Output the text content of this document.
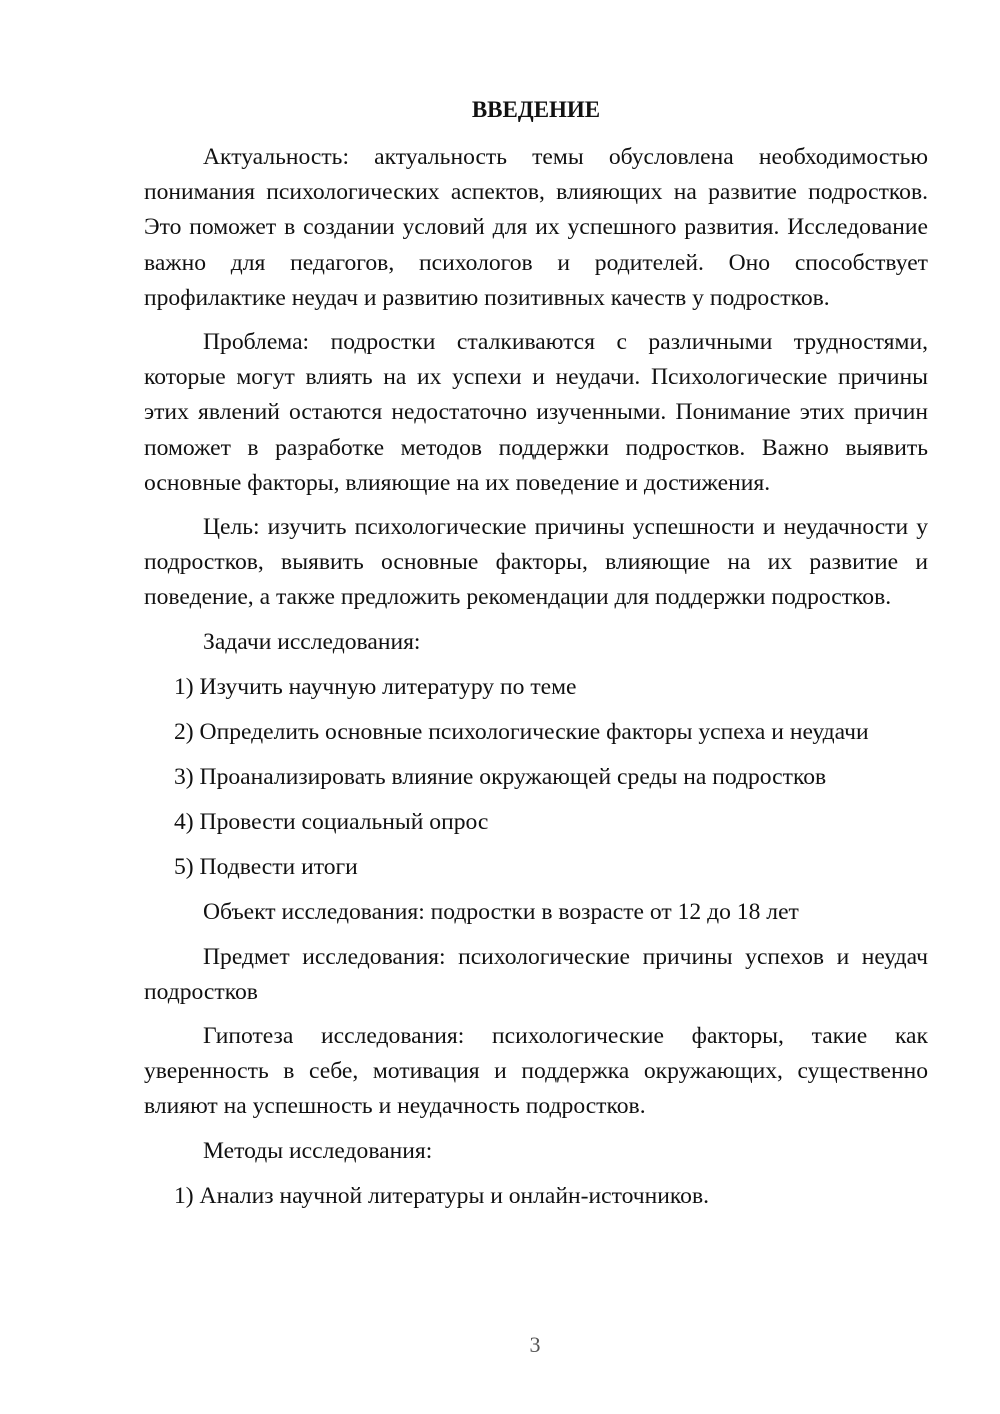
ВВЕДЕНИЕ

Актуальность: актуальность темы обусловлена необходимостью понимания психологических аспектов, влияющих на развитие подростков. Это поможет в создании условий для их успешного развития. Исследование важно для педагогов, психологов и родителей. Оно способствует профилактике неудач и развитию позитивных качеств у подростков.

Проблема: подростки сталкиваются с различными трудностями, которые могут влиять на их успехи и неудачи. Психологические причины этих явлений остаются недостаточно изученными. Понимание этих причин поможет в разработке методов поддержки подростков. Важно выявить основные факторы, влияющие на их поведение и достижения.

Цель: изучить психологические причины успешности и неудачности у подростков, выявить основные факторы, влияющие на их развитие и поведение, а также предложить рекомендации для поддержки подростков.

Задачи исследования:
1) Изучить научную литературу по теме
2) Определить основные психологические факторы успеха и неудачи
3) Проанализировать влияние окружающей среды на подростков
4) Провести социальный опрос
5) Подвести итоги
Объект исследования: подростки в возрасте от 12 до 18 лет

Предмет исследования: психологические причины успехов и неудач подростков

Гипотеза исследования: психологические факторы, такие как уверенность в себе, мотивация и поддержка окружающих, существенно влияют на успешность и неудачность подростков.

Методы исследования:
1) Анализ научной литературы и онлайн-источников.
3
